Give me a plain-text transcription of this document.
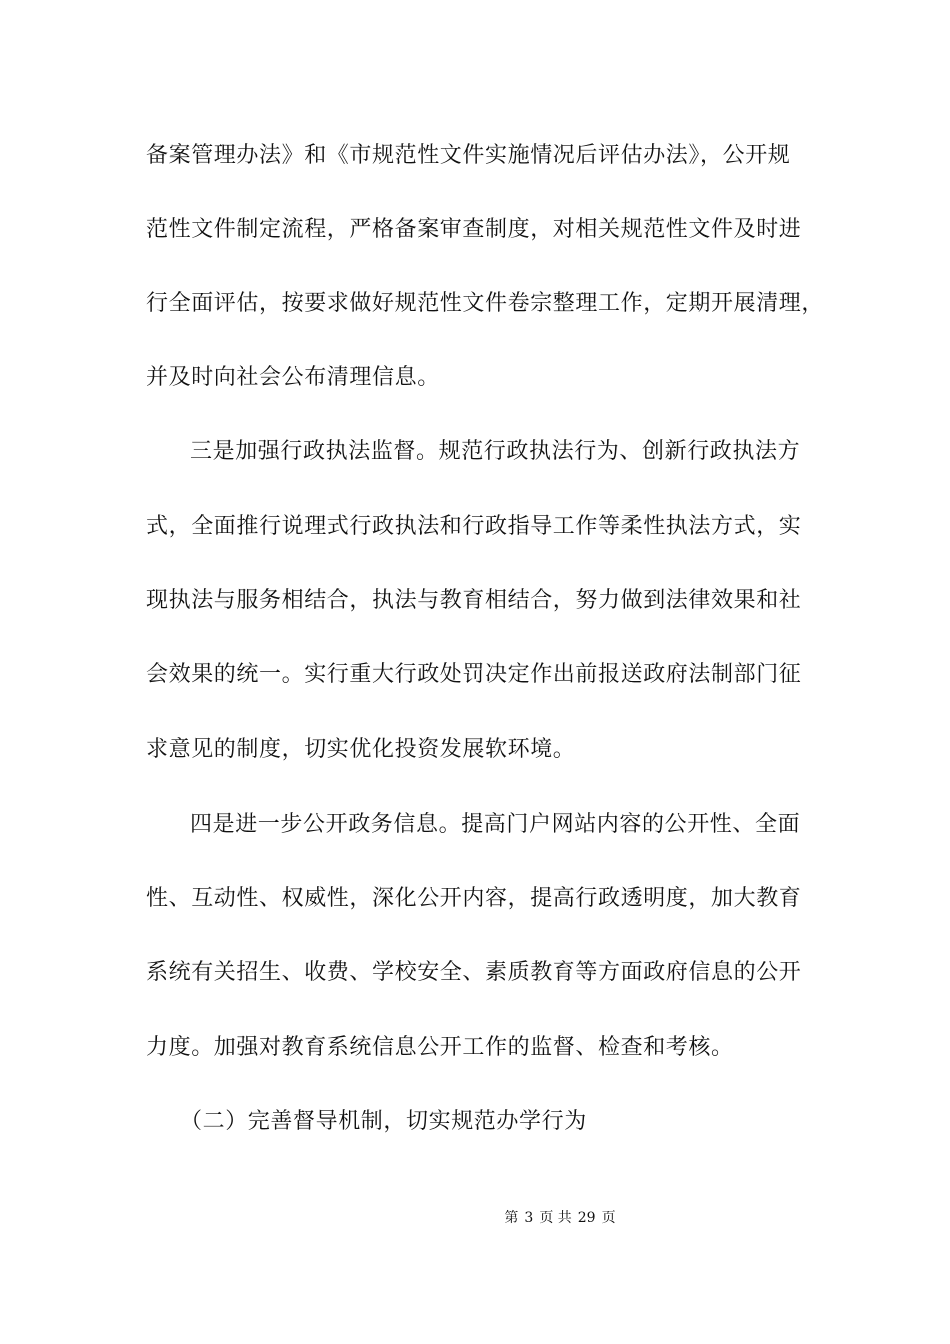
备案管理办法》和《市规范性文件实施情况后评估办法》，公开规
范性文件制定流程，严格备案审查制度，对相关规范性文件及时进
行全面评估，按要求做好规范性文件卷宗整理工作，定期开展清理，
并及时向社会公布清理信息。
三是加强行政执法监督。规范行政执法行为、创新行政执法方
式，全面推行说理式行政执法和行政指导工作等柔性执法方式，实
现执法与服务相结合，执法与教育相结合，努力做到法律效果和社
会效果的统一。实行重大行政处罚决定作出前报送政府法制部门征
求意见的制度，切实优化投资发展软环境。
四是进一步公开政务信息。提高门户网站内容的公开性、全面
性、互动性、权威性，深化公开内容，提高行政透明度，加大教育
系统有关招生、收费、学校安全、素质教育等方面政府信息的公开
力度。加强对教育系统信息公开工作的监督、检查和考核。
（二）完善督导机制，切实规范办学行为
第 3 页 共 29 页
